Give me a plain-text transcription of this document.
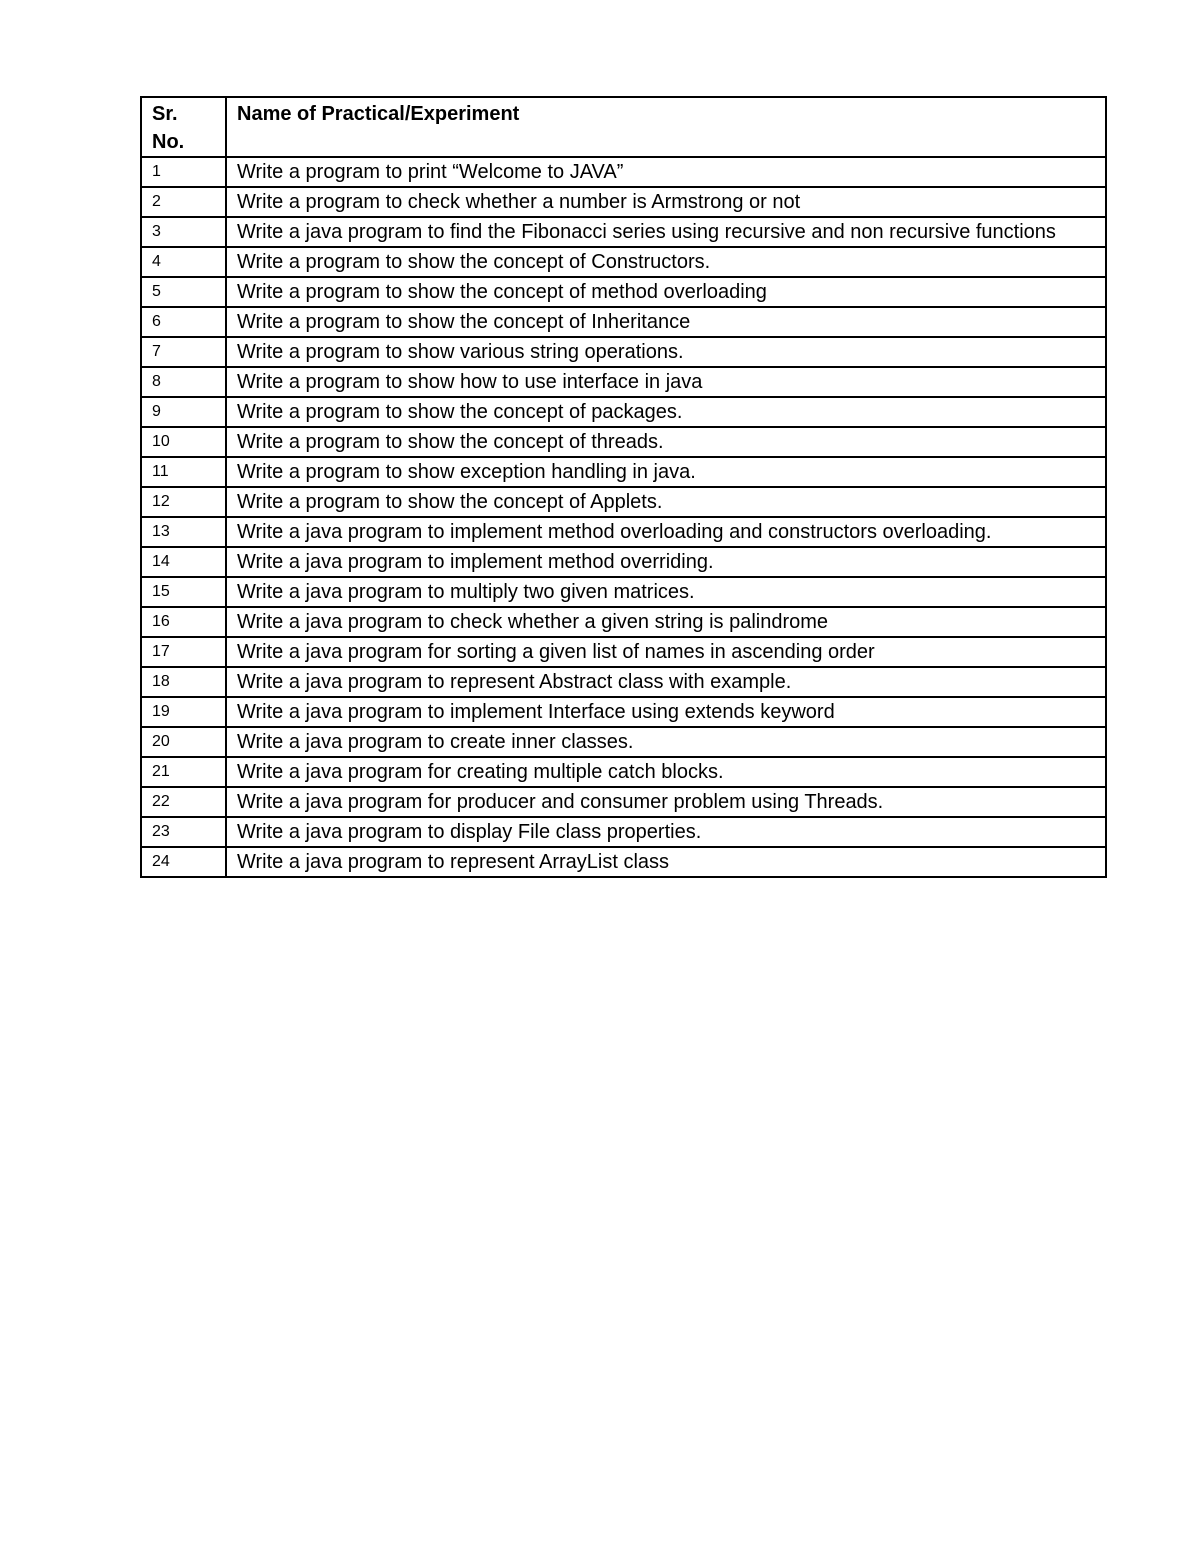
Sr. No.	Name of Practical/Experiment
1	Write a program to print “Welcome to JAVA”
2	Write a program to check whether a number is Armstrong or not
3	Write a java program to find the Fibonacci series using recursive and non recursive functions
4	Write a program to show the concept of Constructors.
5	Write a program to show the concept of method overloading
6	Write a program to show the concept of Inheritance
7	Write a program to show various string operations.
8	Write a program to show how to use interface in java
9	Write a program to show the concept of packages.
10	Write a program to show the concept of threads.
11	Write a program to show exception handling in java.
12	Write a program to show the concept of Applets.
13	Write a java program to implement method overloading and constructors overloading.
14	Write a java program to implement method overriding.
15	Write a java program to multiply two given matrices.
16	Write a java program to check whether a given string is palindrome
17	Write a java program for sorting a given list of names in ascending order
18	Write a java program to represent Abstract class with example.
19	Write a java program to implement Interface using extends keyword
20	Write a java program to create inner classes.
21	Write a java program for creating multiple catch blocks.
22	Write a java program for producer and consumer problem using Threads.
23	Write a java program to display File class properties.
24	Write a java program to represent ArrayList class
